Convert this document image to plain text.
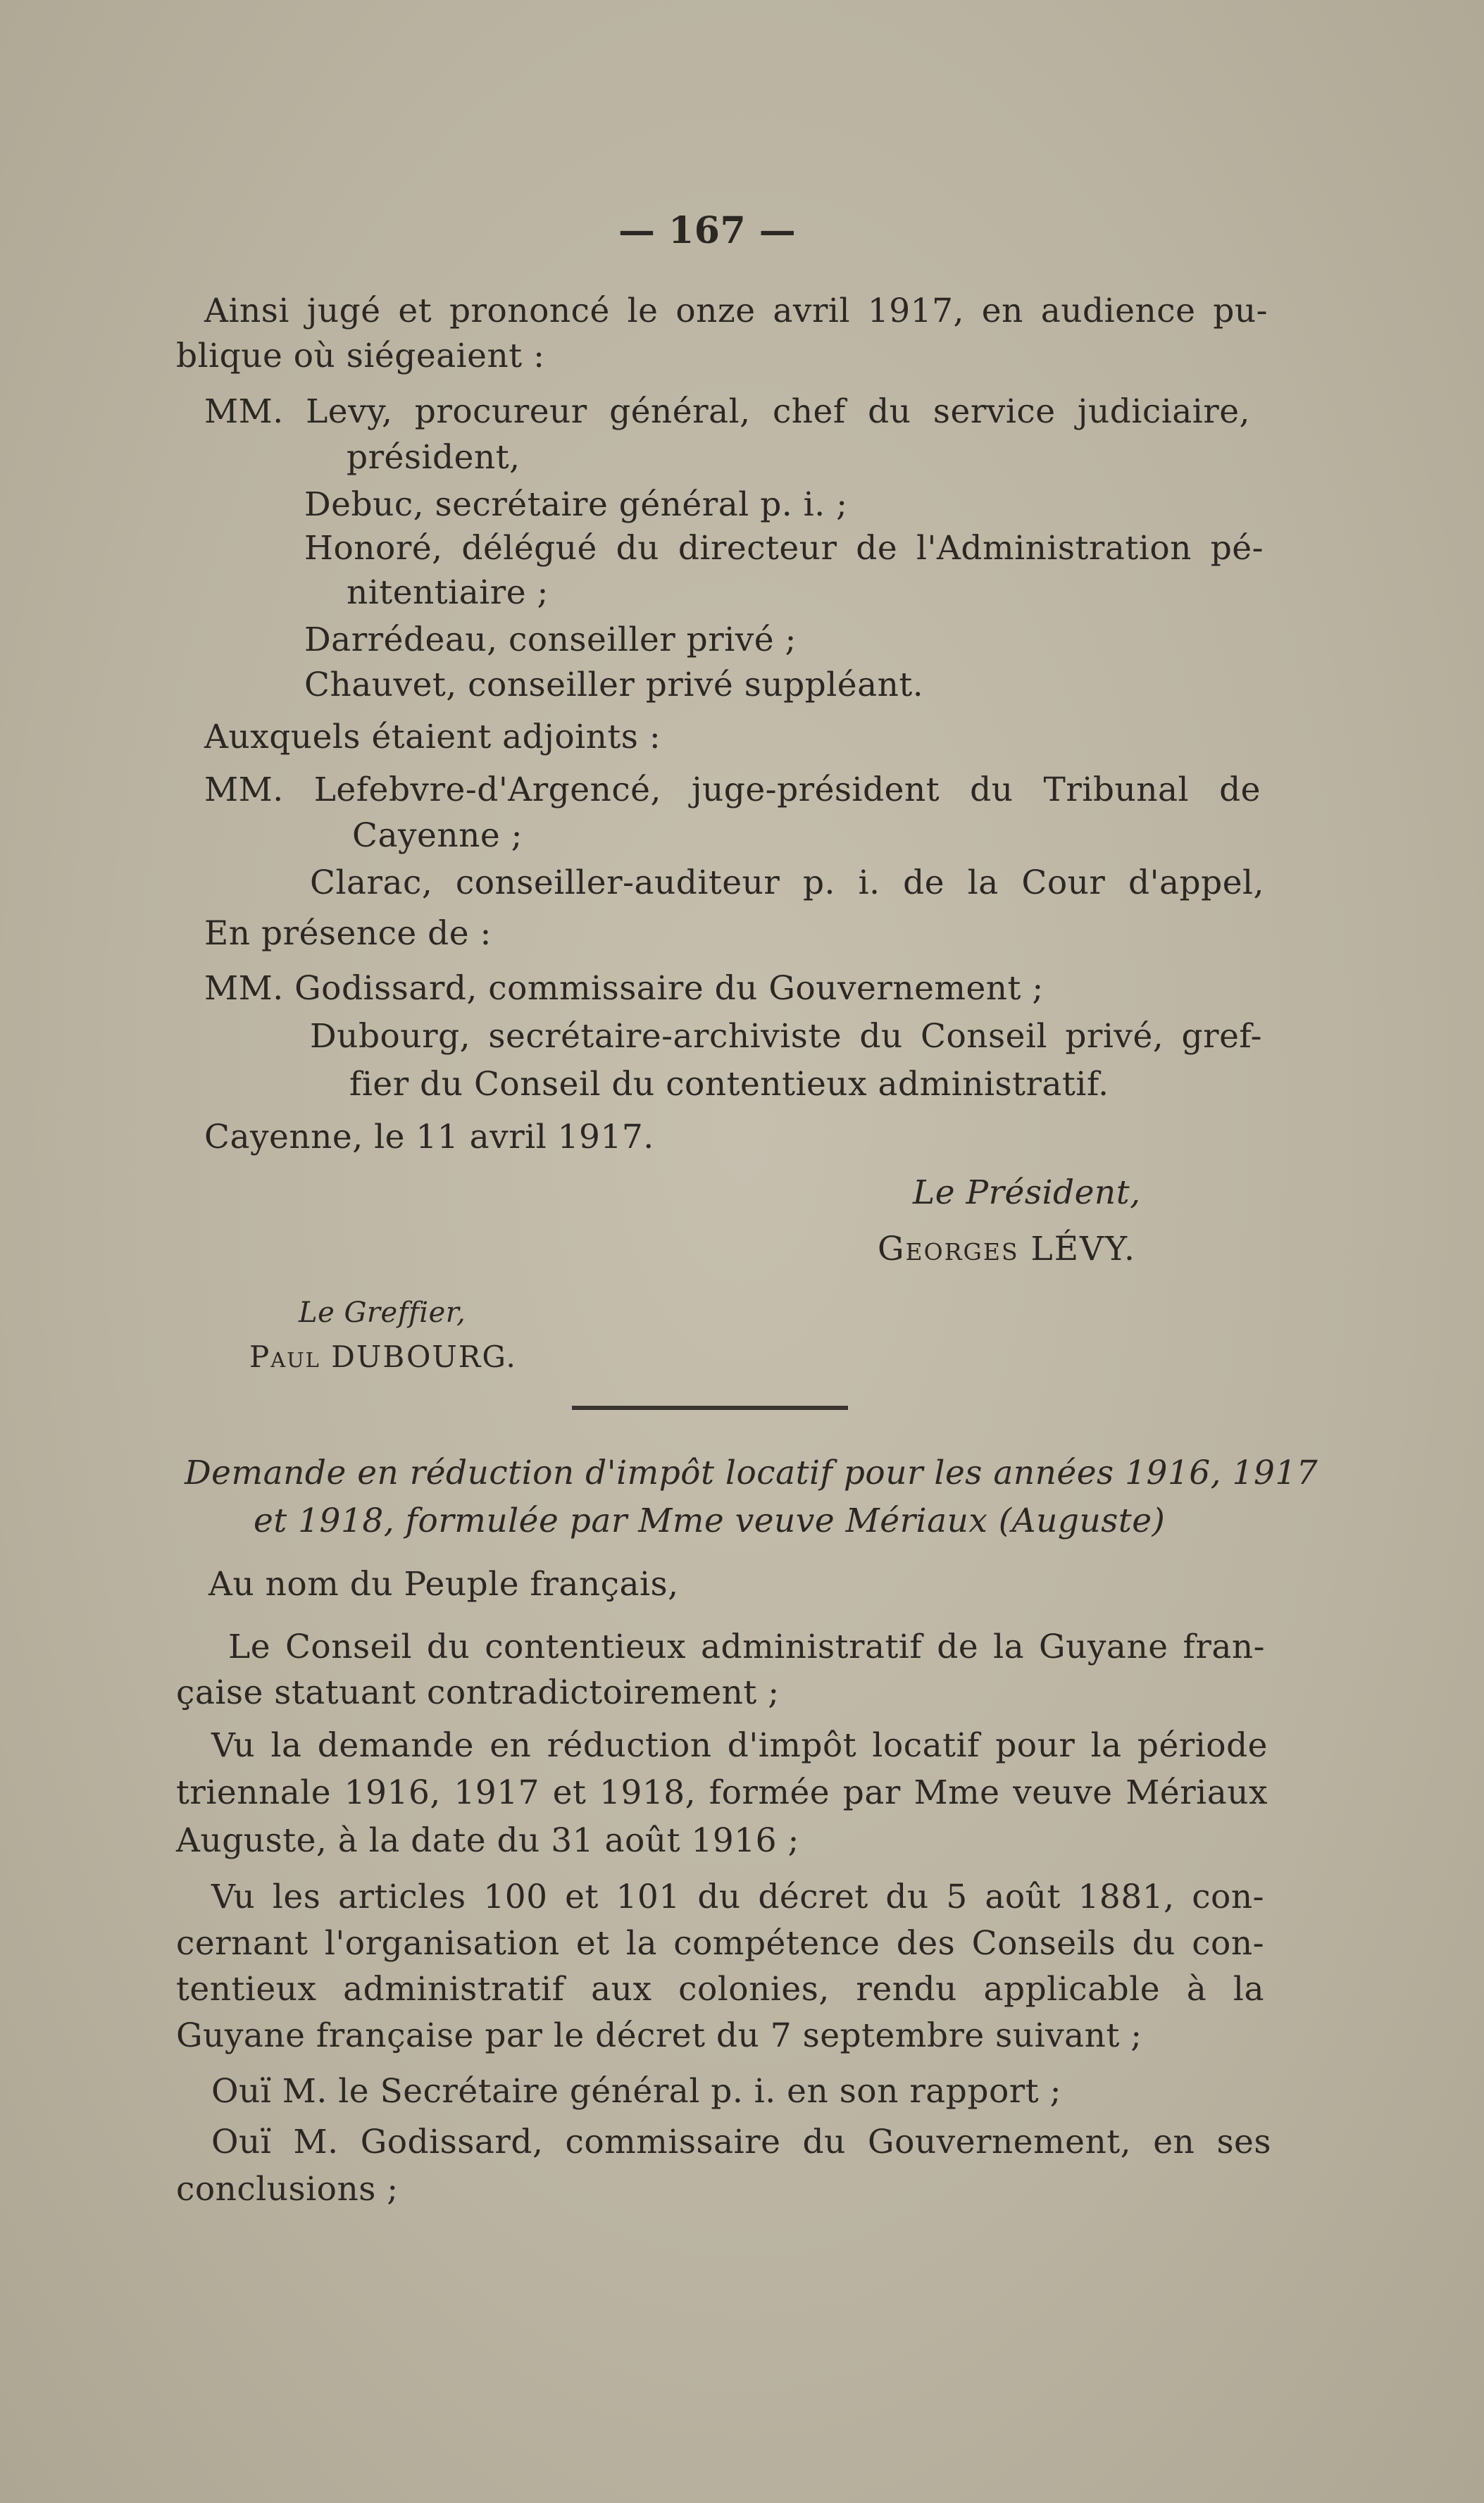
— 167 —
Ainsi jugé et prononcé le onze avril 1917, en audience pu-
blique où siégeaient :
MM. Levy, procureur général, chef du service judiciaire,
président,
Debuc, secrétaire général p. i. ;
Honoré, délégué du directeur de l'Administration pé-
nitentiaire ;
Darrédeau, conseiller privé ;
Chauvet, conseiller privé suppléant.
Auxquels étaient adjoints :
MM. Lefebvre-d'Argencé, juge-président du Tribunal de
Cayenne ;
Clarac, conseiller-auditeur p. i. de la Cour d'appel,
En présence de :
MM. Godissard, commissaire du Gouvernement ;
Dubourg, secrétaire-archiviste du Conseil privé, gref-
fier du Conseil du contentieux administratif.
Cayenne, le 11 avril 1917.
Le Président,
Georges LÉVY.
Le Greffier,
Paul DUBOURG.
Demande en réduction d'impôt locatif pour les années 1916, 1917
et 1918, formulée par Mme veuve Mériaux (Auguste)
Au nom du Peuple français,
Le Conseil du contentieux administratif de la Guyane fran-
çaise statuant contradictoirement ;
Vu la demande en réduction d'impôt locatif pour la période
triennale 1916, 1917 et 1918, formée par Mme veuve Mériaux
Auguste, à la date du 31 août 1916 ;
Vu les articles 100 et 101 du décret du 5 août 1881, con-
cernant l'organisation et la compétence des Conseils du con-
tentieux administratif aux colonies, rendu applicable à la
Guyane française par le décret du 7 septembre suivant ;
Ouï M. le Secrétaire général p. i. en son rapport ;
Ouï M. Godissard, commissaire du Gouvernement, en ses
conclusions ;
